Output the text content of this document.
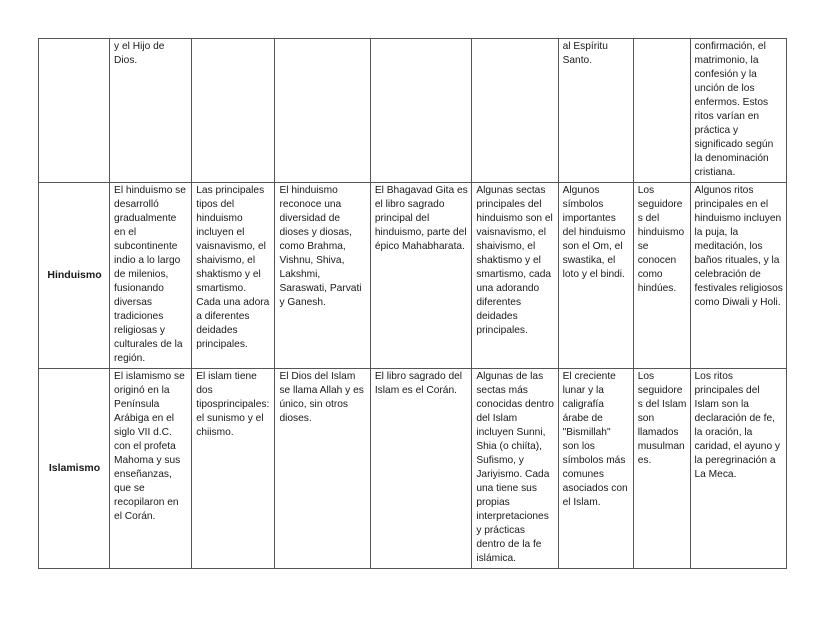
	y el Hijo de Dios.					al Espíritu Santo.		confirmación, el matrimonio, la confesión y la unción de los enfermos. Estos ritos varían en práctica y significado según la denominación cristiana.
Hinduismo	El hinduismo se desarrolló gradualmente en el subcontinente indio a lo largo de milenios, fusionando diversas tradiciones religiosas y culturales de la región.	Las principales tipos del hinduismo incluyen el vaisnavismo, el shaivismo, el shaktismo y el smartismo. Cada una adora a diferentes deidades principales.	El hinduismo reconoce una diversidad de dioses y diosas, como Brahma, Vishnu, Shiva, Lakshmi, Saraswati, Parvati y Ganesh.	El Bhagavad Gita es el libro sagrado principal del hinduismo, parte del épico Mahabharata.	Algunas sectas principales del hinduismo son el vaisnavismo, el shaivismo, el shaktismo y el smartismo, cada una adorando diferentes deidades principales.	Algunos símbolos importantes del hinduismo son el Om, el swastika, el loto y el bindi.	Los seguidores del hinduismo se conocen como hindúes.	Algunos ritos principales en el hinduismo incluyen la puja, la meditación, los baños rituales, y la celebración de festivales religiosos como Diwali y Holi.
Islamismo	El islamismo se originó en la Península Arábiga en el siglo VII d.C. con el profeta Mahoma y sus enseñanzas, que se recopilaron en el Corán.	El islam tiene dos tiposprincipales: el sunismo y el chiismo.	El Dios del Islam se llama Allah y es único, sin otros dioses.	El libro sagrado del Islam es el Corán.	Algunas de las sectas más conocidas dentro del Islam incluyen Sunni, Shia (o chiíta), Sufismo, y Jariyismo. Cada una tiene sus propias interpretaciones y prácticas dentro de la fe islámica.	El creciente lunar y la caligrafía árabe de "Bismillah" son los símbolos más comunes asociados con el Islam.	Los seguidores del Islam son llamados musulmanes.	Los ritos principales del Islam son la declaración de fe, la oración, la caridad, el ayuno y la peregrinación a La Meca.
